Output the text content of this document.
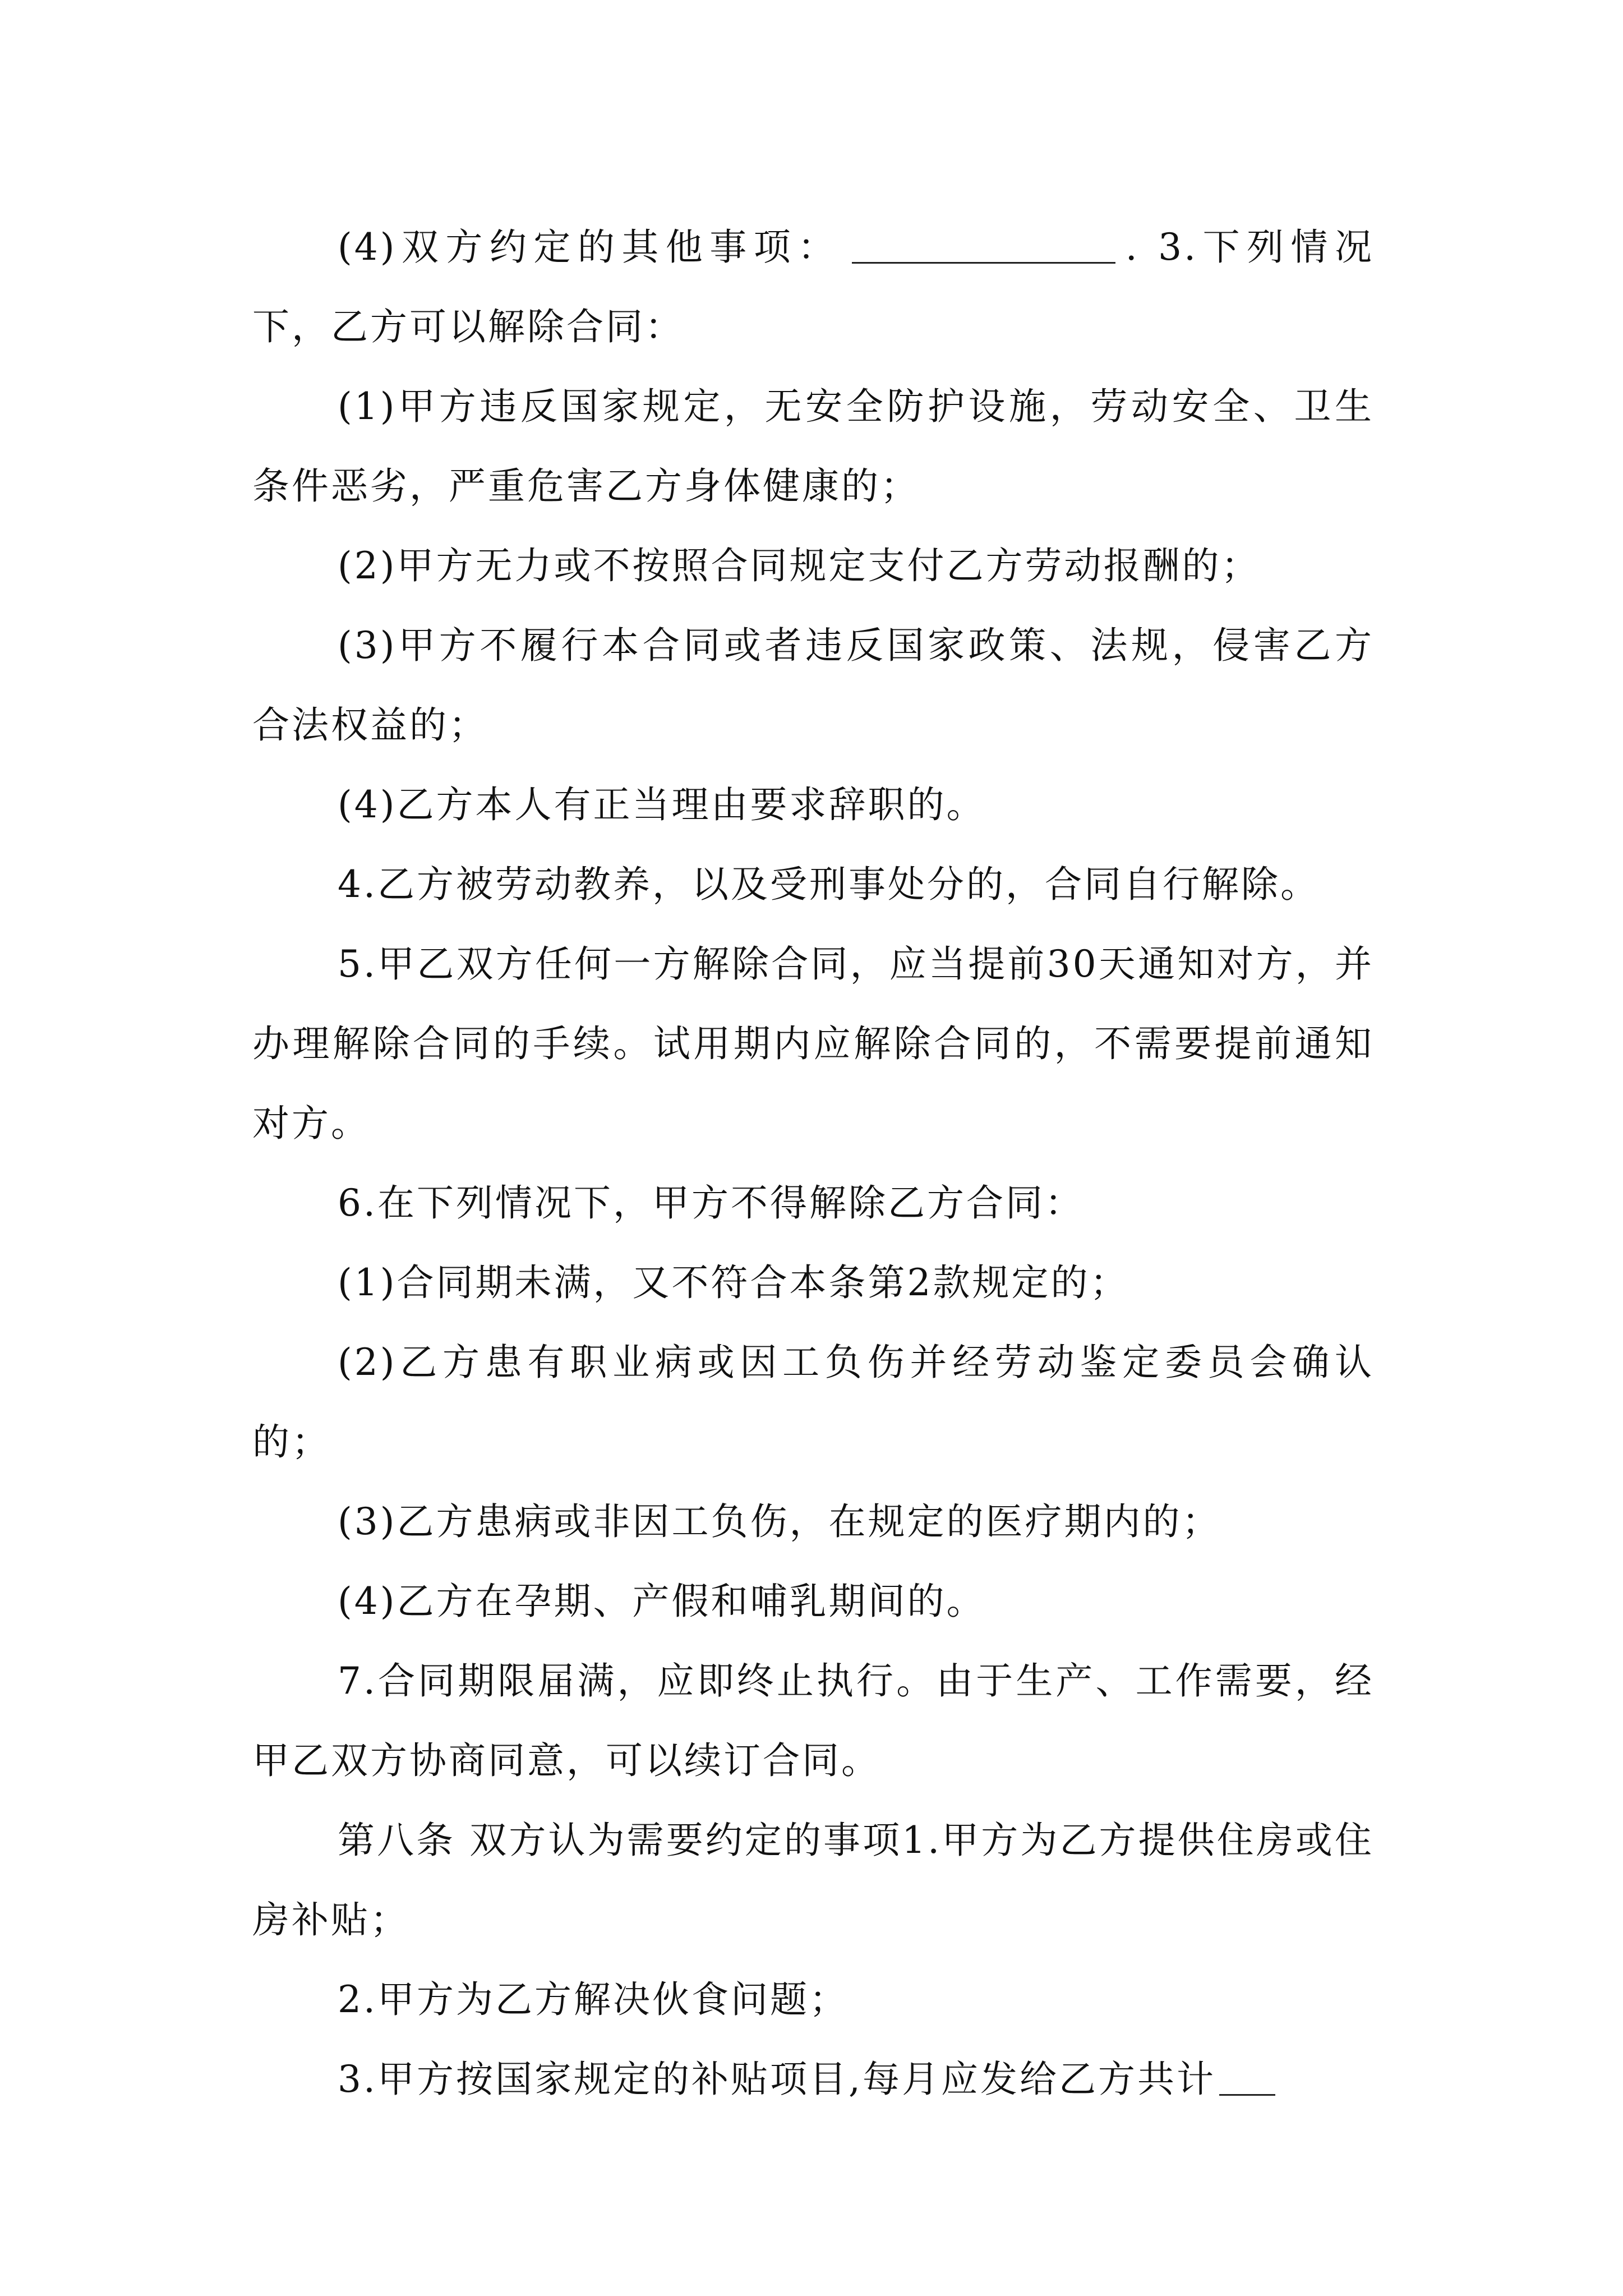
(4)双方约定的其他事项：	. 3.下列情况下，乙方可以解除合同：

(1)甲方违反国家规定，无安全防护设施，劳动安全、卫生条件恶劣，严重危害乙方身体健康的；

(2)甲方无力或不按照合同规定支付乙方劳动报酬的；

(3)甲方不履行本合同或者违反国家政策、法规，侵害乙方合法权益的；

(4)乙方本人有正当理由要求辞职的。

4.乙方被劳动教养，以及受刑事处分的，合同自行解除。

5.甲乙双方任何一方解除合同，应当提前30天通知对方，并办理解除合同的手续。试用期内应解除合同的，不需要提前通知对方。

6.在下列情况下，甲方不得解除乙方合同：

(1)合同期未满，又不符合本条第2款规定的；

(2)乙方患有职业病或因工负伤并经劳动鉴定委员会确认的；

(3)乙方患病或非因工负伤，在规定的医疗期内的；

(4)乙方在孕期、产假和哺乳期间的。

7.合同期限届满，应即终止执行。由于生产、工作需要，经甲乙双方协商同意，可以续订合同。

第八条 双方认为需要约定的事项1.甲方为乙方提供住房或住房补贴；

2.甲方为乙方解决伙食问题；

3.甲方按国家规定的补贴项目,每月应发给乙方共计
